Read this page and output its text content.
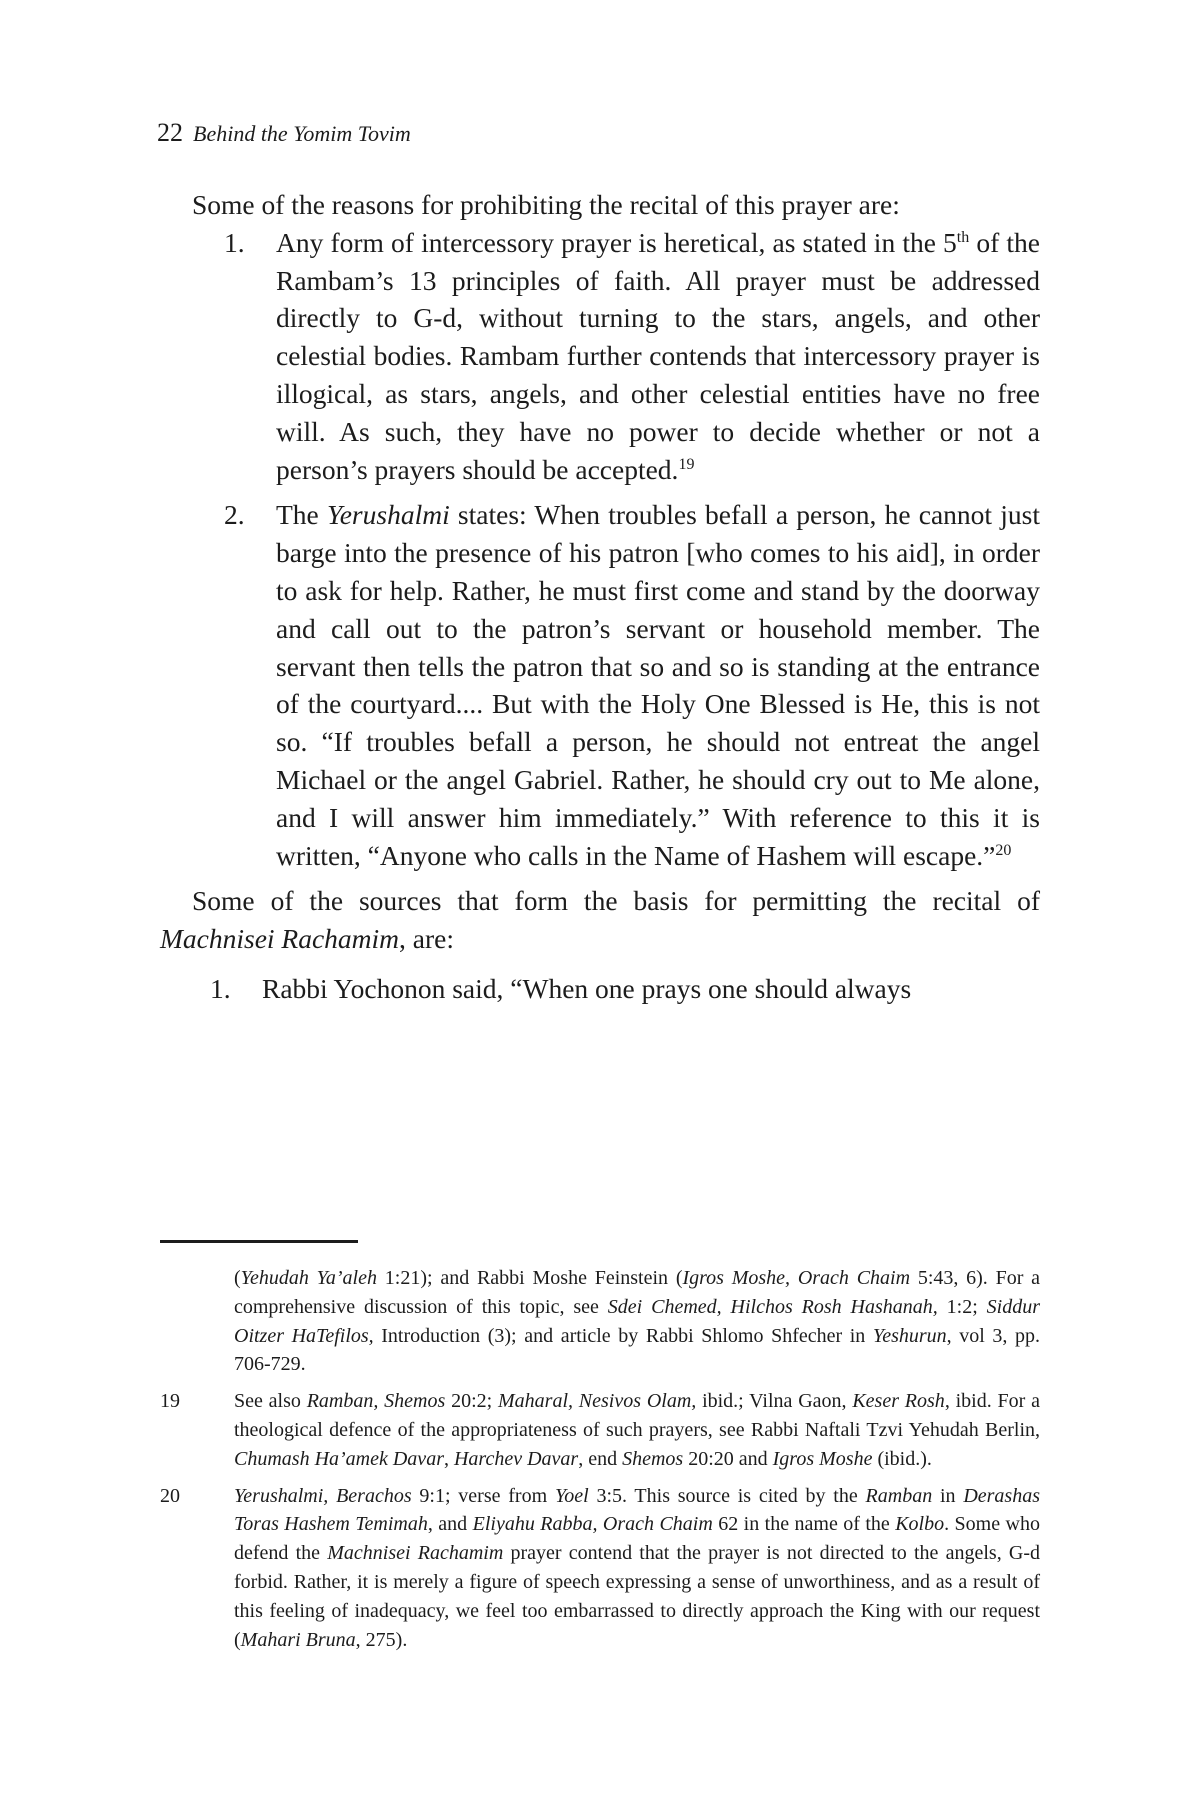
22 Behind the Yomim Tovim

Some of the reasons for prohibiting the recital of this prayer are:

1. Any form of intercessory prayer is heretical, as stated in the 5th of the Rambam’s 13 principles of faith. All prayer must be addressed directly to G-d, without turning to the stars, angels, and other celestial bodies. Rambam further contends that intercessory prayer is illogical, as stars, angels, and other celestial entities have no free will. As such, they have no power to decide whether or not a person’s prayers should be accepted.$^{19}$
2. The Yerushalmi states: When troubles befall a person, he cannot just barge into the presence of his patron [who comes to his aid], in order to ask for help. Rather, he must first come and stand by the doorway and call out to the patron’s servant or household member. The servant then tells the patron that so and so is standing at the entrance of the courtyard.... But with the Holy One Blessed is He, this is not so. “If troubles befall a person, he should not entreat the angel Michael or the angel Gabriel. Rather, he should cry out to Me alone, and I will answer him immediately.” With reference to this it is written, “Anyone who calls in the Name of Hashem will escape.”$^{20}$

Some of the sources that form the basis for permitting the recital of Machnisei Rachamim, are:

1. Rabbi Yochonon said, “When one prays one should always
(Yehudah Ya’aleh 1:21); and Rabbi Moshe Feinstein (Igros Moshe, Orach Chaim 5:43, 6). For a comprehensive discussion of this topic, see Sdei Chemed, Hilchos Rosh Hashanah, 1:2; Siddur Oitzer HaTefilos, Introduction (3); and article by Rabbi Shlomo Shfecher in Yeshurun, vol 3, pp. 706-729.
19	See also Ramban, Shemos 20:2; Maharal, Nesivos Olam, ibid.; Vilna Gaon, Keser Rosh, ibid. For a theological defence of the appropriateness of such prayers, see Rabbi Naftali Tzvi Yehudah Berlin, Chumash Ha’amek Davar, Harchev Davar, end Shemos 20:20 and Igros Moshe (ibid.).
20	Yerushalmi, Berachos 9:1; verse from Yoel 3:5. This source is cited by the Ramban in Derashas Toras Hashem Temimah, and Eliyahu Rabba, Orach Chaim 62 in the name of the Kolbo. Some who defend the Machnisei Rachamim prayer contend that the prayer is not directed to the angels, G-d forbid. Rather, it is merely a figure of speech expressing a sense of unworthiness, and as a result of this feeling of inadequacy, we feel too embarrassed to directly approach the King with our request (Mahari Bruna, 275).
